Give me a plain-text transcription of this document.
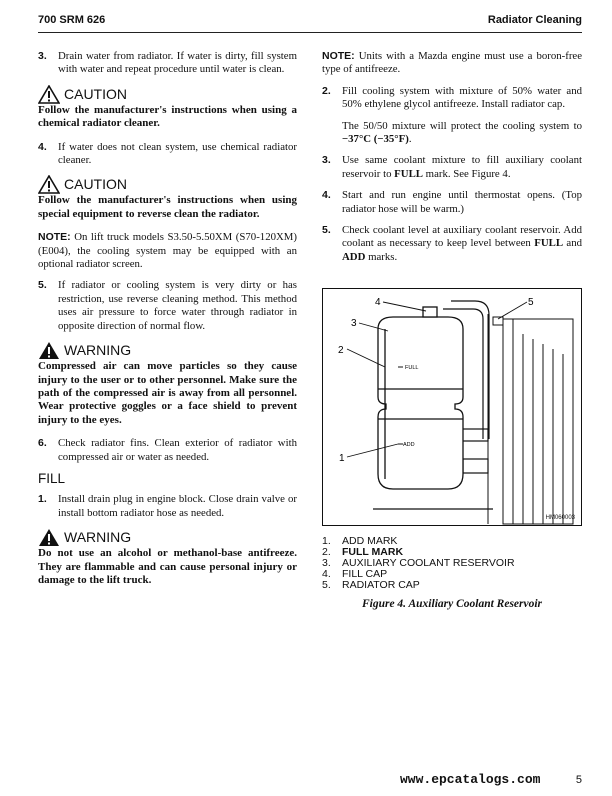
700 SRM 626	Radiator Cleaning
3. Drain water from radiator. If water is dirty, fill system with water and repeat procedure until water is clean.
CAUTION
Follow the manufacturer's instructions when using a chemical radiator cleaner.
4. If water does not clean system, use chemical radiator cleaner.
CAUTION
Follow the manufacturer's instructions when using special equipment to reverse clean the radiator.
NOTE: On lift truck models S3.50-5.50XM (S70-120XM) (E004), the cooling system may be equipped with an optional radiator screen.
5. If radiator or cooling system is very dirty or has restriction, use reverse cleaning method. This method uses air pressure to force water through radiator in opposite direction of normal flow.
WARNING
Compressed air can move particles so they cause injury to the user or to other personnel. Make sure the path of the compressed air is away from all personnel. Wear protective goggles or a face shield to prevent injury to the eyes.
6. Check radiator fins. Clean exterior of radiator with compressed air or water as needed.
FILL
1. Install drain plug in engine block. Close drain valve or install bottom radiator hose as needed.
WARNING
Do not use an alcohol or methanol-base antifreeze. They are flammable and can cause personal injury or damage to the lift truck.
NOTE: Units with a Mazda engine must use a boron-free type of antifreeze.
2. Fill cooling system with mixture of 50% water and 50% ethylene glycol antifreeze. Install radiator cap.
The 50/50 mixture will protect the cooling system to −37°C (−35°F).
3. Use same coolant mixture to fill auxiliary coolant reservoir to FULL mark. See Figure 4.
4. Start and run engine until thermostat opens. (Top radiator hose will be warm.)
5. Check coolant level at auxiliary coolant reservoir. Add coolant as necessary to keep level between FULL and ADD marks.
FULL
ADD
1
2
3
4	5
HM060003
1. ADD MARK
2. FULL MARK
3. AUXILIARY COOLANT RESERVOIR
4. FILL CAP
5. RADIATOR CAP
Figure 4. Auxiliary Coolant Reservoir
www.epcatalogs.com	5
